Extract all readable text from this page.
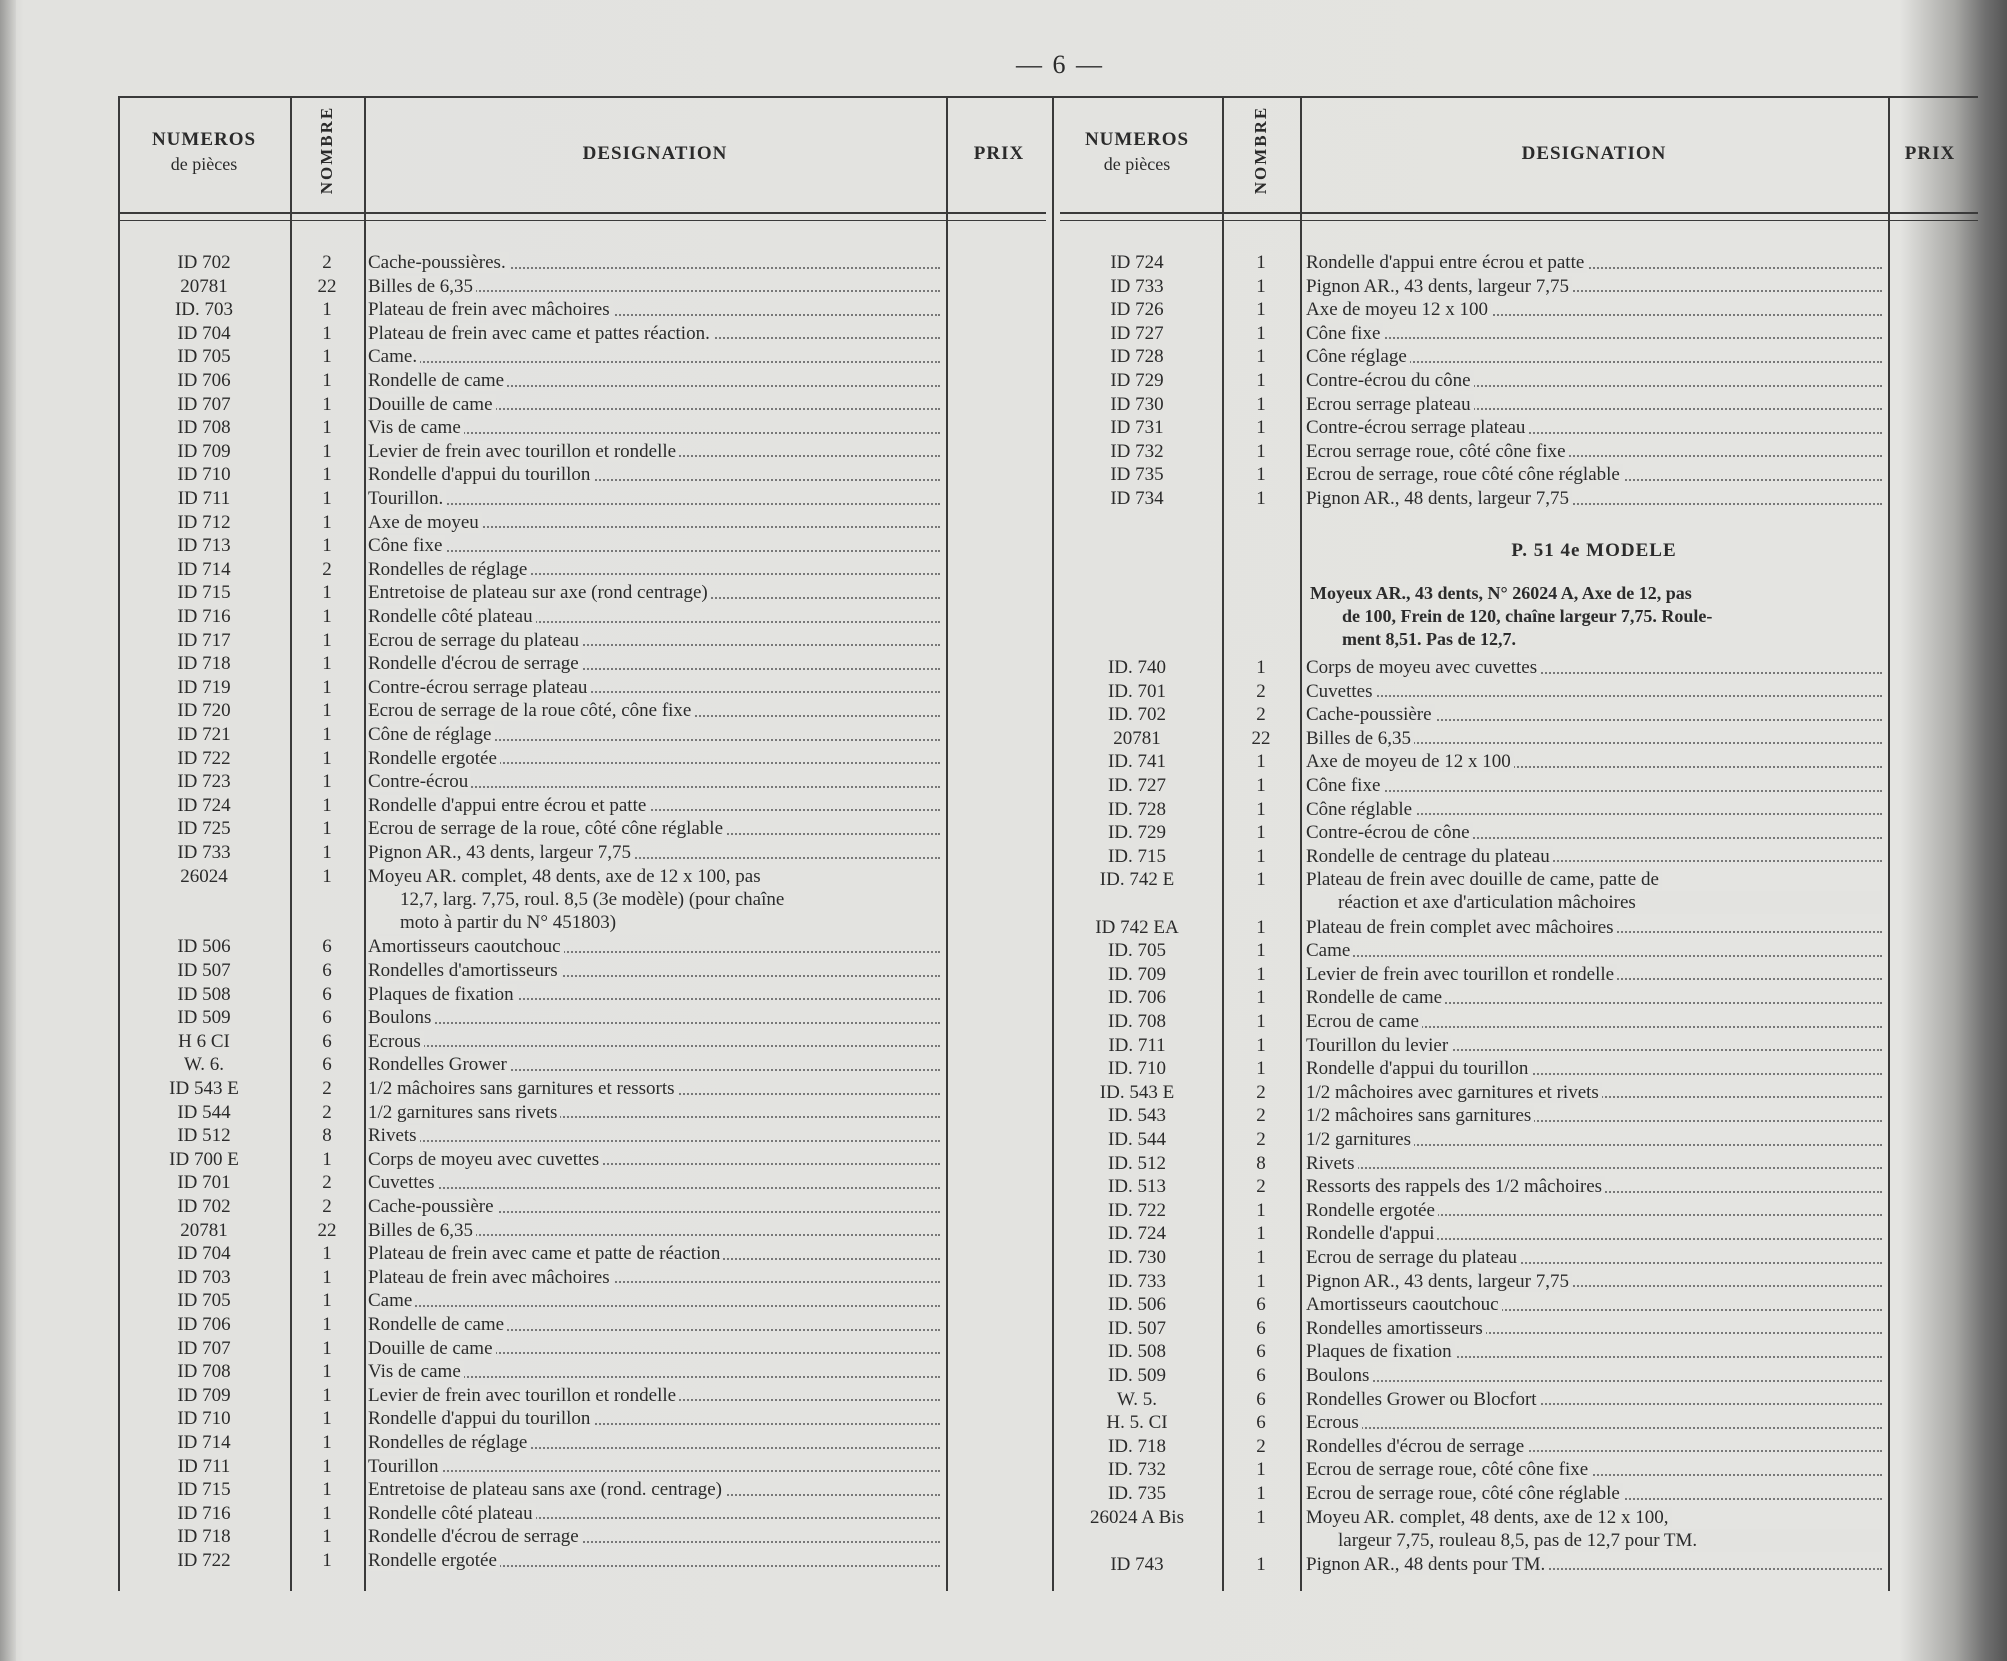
— 6 —
NUMEROS
de pièces	NOMBRE	DESIGNATION	PRIX
NUMEROS
de pièces	NOMBRE	DESIGNATION	PRIX
ID 702	2	Cache-poussières.
20781	22	Billes de 6,35
ID. 703	1	Plateau de frein avec mâchoires
ID 704	1	Plateau de frein avec came et pattes réaction.
ID 705	1	Came.
ID 706	1	Rondelle de came
ID 707	1	Douille de came
ID 708	1	Vis de came
ID 709	1	Levier de frein avec tourillon et rondelle
ID 710	1	Rondelle d'appui du tourillon
ID 711	1	Tourillon.
ID 712	1	Axe de moyeu
ID 713	1	Cône fixe
ID 714	2	Rondelles de réglage
ID 715	1	Entretoise de plateau sur axe (rond centrage)
ID 716	1	Rondelle côté plateau
ID 717	1	Ecrou de serrage du plateau
ID 718	1	Rondelle d'écrou de serrage
ID 719	1	Contre-écrou serrage plateau
ID 720	1	Ecrou de serrage de la roue côté, cône fixe
ID 721	1	Cône de réglage
ID 722	1	Rondelle ergotée
ID 723	1	Contre-écrou
ID 724	1	Rondelle d'appui entre écrou et patte
ID 725	1	Ecrou de serrage de la roue, côté cône réglable
ID 733	1	Pignon AR., 43 dents, largeur 7,75
26024	1	Moyeu AR. complet, 48 dents, axe de 12 x 100, pas
12,7, larg. 7,75, roul. 8,5 (3e modèle) (pour chaîne
moto à partir du N° 451803)
ID 506	6	Amortisseurs caoutchouc
ID 507	6	Rondelles d'amortisseurs
ID 508	6	Plaques de fixation
ID 509	6	Boulons
H 6 CI	6	Ecrous
W. 6.	6	Rondelles Grower
ID 543 E	2	1/2 mâchoires sans garnitures et ressorts
ID 544	2	1/2 garnitures sans rivets
ID 512	8	Rivets
ID 700 E	1	Corps de moyeu avec cuvettes
ID 701	2	Cuvettes
ID 702	2	Cache-poussière
20781	22	Billes de 6,35
ID 704	1	Plateau de frein avec came et patte de réaction
ID 703	1	Plateau de frein avec mâchoires
ID 705	1	Came
ID 706	1	Rondelle de came
ID 707	1	Douille de came
ID 708	1	Vis de came
ID 709	1	Levier de frein avec tourillon et rondelle
ID 710	1	Rondelle d'appui du tourillon
ID 714	1	Rondelles de réglage
ID 711	1	Tourillon
ID 715	1	Entretoise de plateau sans axe (rond. centrage)
ID 716	1	Rondelle côté plateau
ID 718	1	Rondelle d'écrou de serrage
ID 722	1	Rondelle ergotée
ID 724	1	Rondelle d'appui entre écrou et patte
ID 733	1	Pignon AR., 43 dents, largeur 7,75
ID 726	1	Axe de moyeu 12 x 100
ID 727	1	Cône fixe
ID 728	1	Cône réglage
ID 729	1	Contre-écrou du cône
ID 730	1	Ecrou serrage plateau
ID 731	1	Contre-écrou serrage plateau
ID 732	1	Ecrou serrage roue, côté cône fixe
ID 735	1	Ecrou de serrage, roue côté cône réglable
ID 734	1	Pignon AR., 48 dents, largeur 7,75
P. 51 4e MODELE
Moyeux AR., 43 dents, N° 26024 A, Axe de 12, pas
de 100, Frein de 120, chaîne largeur 7,75. Roule-
ment 8,51. Pas de 12,7.
ID. 740	1	Corps de moyeu avec cuvettes
ID. 701	2	Cuvettes
ID. 702	2	Cache-poussière
20781	22	Billes de 6,35
ID. 741	1	Axe de moyeu de 12 x 100
ID. 727	1	Cône fixe
ID. 728	1	Cône réglable
ID. 729	1	Contre-écrou de cône
ID. 715	1	Rondelle de centrage du plateau
ID. 742 E	1	Plateau de frein avec douille de came, patte de
réaction et axe d'articulation mâchoires
ID 742 EA	1	Plateau de frein complet avec mâchoires
ID. 705	1	Came
ID. 709	1	Levier de frein avec tourillon et rondelle
ID. 706	1	Rondelle de came
ID. 708	1	Ecrou de came
ID. 711	1	Tourillon du levier
ID. 710	1	Rondelle d'appui du tourillon
ID. 543 E	2	1/2 mâchoires avec garnitures et rivets
ID. 543	2	1/2 mâchoires sans garnitures
ID. 544	2	1/2 garnitures
ID. 512	8	Rivets
ID. 513	2	Ressorts des rappels des 1/2 mâchoires
ID. 722	1	Rondelle ergotée
ID. 724	1	Rondelle d'appui
ID. 730	1	Ecrou de serrage du plateau
ID. 733	1	Pignon AR., 43 dents, largeur 7,75
ID. 506	6	Amortisseurs caoutchouc
ID. 507	6	Rondelles amortisseurs
ID. 508	6	Plaques de fixation
ID. 509	6	Boulons
W. 5.	6	Rondelles Grower ou Blocfort
H. 5. CI	6	Ecrous
ID. 718	2	Rondelles d'écrou de serrage
ID. 732	1	Ecrou de serrage roue, côté cône fixe
ID. 735	1	Ecrou de serrage roue, côté cône réglable
26024 A Bis	1	Moyeu AR. complet, 48 dents, axe de 12 x 100,
largeur 7,75, rouleau 8,5, pas de 12,7 pour TM.
ID 743	1	Pignon AR., 48 dents pour TM.
